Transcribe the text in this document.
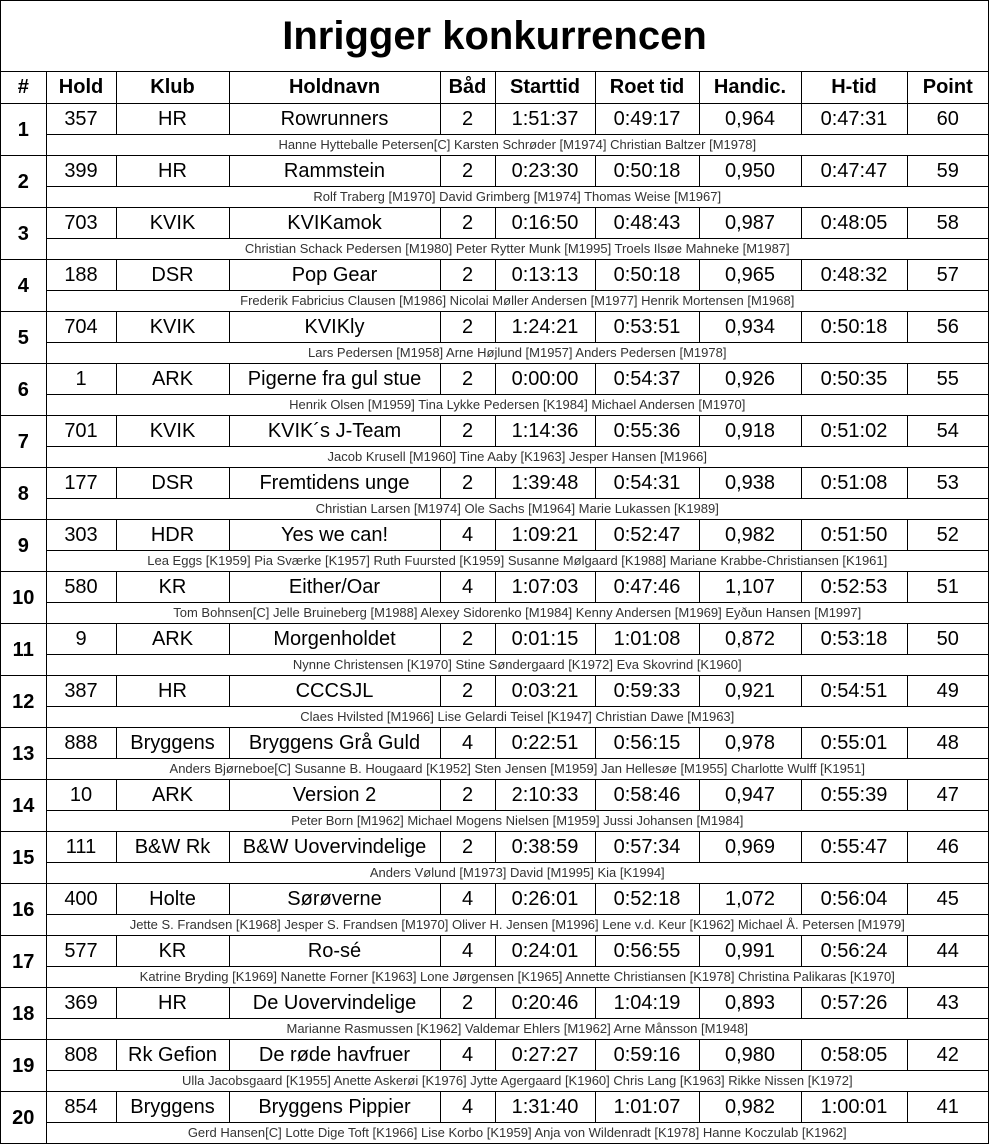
Inrigger konkurrencen
#	Hold	Klub	Holdnavn	Båd	Starttid	Roet tid	Handic.	H-tid	Point
1	357	HR	Rowrunners	2	1:51:37	0:49:17	0,964	0:47:31	60
	Hanne Hytteballe Petersen[C] Karsten Schrøder [M1974] Christian Baltzer [M1978]								
2	399	HR	Rammstein	2	0:23:30	0:50:18	0,950	0:47:47	59
	Rolf Traberg [M1970] David Grimberg [M1974] Thomas Weise [M1967]								
3	703	KVIK	KVIKamok	2	0:16:50	0:48:43	0,987	0:48:05	58
	Christian Schack Pedersen [M1980] Peter Rytter Munk [M1995] Troels Ilsøe Mahneke [M1987]								
4	188	DSR	Pop Gear	2	0:13:13	0:50:18	0,965	0:48:32	57
	Frederik Fabricius Clausen [M1986] Nicolai Møller Andersen [M1977] Henrik Mortensen [M1968]								
5	704	KVIK	KVIKly	2	1:24:21	0:53:51	0,934	0:50:18	56
	Lars Pedersen [M1958] Arne Højlund [M1957] Anders Pedersen [M1978]								
6	1	ARK	Pigerne fra gul stue	2	0:00:00	0:54:37	0,926	0:50:35	55
	Henrik Olsen [M1959] Tina Lykke Pedersen [K1984] Michael Andersen [M1970]								
7	701	KVIK	KVIK´s J-Team	2	1:14:36	0:55:36	0,918	0:51:02	54
	Jacob Krusell [M1960] Tine Aaby [K1963] Jesper Hansen [M1966]								
8	177	DSR	Fremtidens unge	2	1:39:48	0:54:31	0,938	0:51:08	53
	Christian Larsen [M1974] Ole Sachs [M1964] Marie Lukassen [K1989]								
9	303	HDR	Yes we can!	4	1:09:21	0:52:47	0,982	0:51:50	52
	Lea Eggs [K1959] Pia Sværke [K1957] Ruth Fuursted [K1959] Susanne Mølgaard [K1988] Mariane Krabbe-Christiansen [K1961]								
10	580	KR	Either/Oar	4	1:07:03	0:47:46	1,107	0:52:53	51
	Tom Bohnsen[C] Jelle Bruineberg [M1988] Alexey Sidorenko [M1984] Kenny Andersen [M1969] Eyðun Hansen [M1997]								
11	9	ARK	Morgenholdet	2	0:01:15	1:01:08	0,872	0:53:18	50
	Nynne Christensen [K1970] Stine Søndergaard [K1972] Eva Skovrind [K1960]								
12	387	HR	CCCSJL	2	0:03:21	0:59:33	0,921	0:54:51	49
	Claes Hvilsted [M1966] Lise Gelardi Teisel [K1947] Christian Dawe [M1963]								
13	888	Bryggens	Bryggens Grå Guld	4	0:22:51	0:56:15	0,978	0:55:01	48
	Anders Bjørneboe[C] Susanne B. Hougaard [K1952] Sten Jensen [M1959] Jan Hellesøe [M1955] Charlotte Wulff [K1951]								
14	10	ARK	Version 2	2	2:10:33	0:58:46	0,947	0:55:39	47
	Peter Born [M1962] Michael Mogens Nielsen [M1959] Jussi Johansen [M1984]								
15	111	B&W Rk	B&W Uovervindelige	2	0:38:59	0:57:34	0,969	0:55:47	46
	Anders Vølund [M1973] David [M1995] Kia [K1994]								
16	400	Holte	Sørøverne	4	0:26:01	0:52:18	1,072	0:56:04	45
	Jette S. Frandsen [K1968] Jesper S. Frandsen [M1970] Oliver H. Jensen [M1996] Lene v.d. Keur [K1962] Michael Å. Petersen [M1979]								
17	577	KR	Ro-sé	4	0:24:01	0:56:55	0,991	0:56:24	44
	Katrine Bryding [K1969] Nanette Forner [K1963] Lone Jørgensen [K1965] Annette Christiansen [K1978] Christina Palikaras [K1970]								
18	369	HR	De Uovervindelige	2	0:20:46	1:04:19	0,893	0:57:26	43
	Marianne Rasmussen [K1962] Valdemar Ehlers [M1962] Arne Månsson [M1948]								
19	808	Rk Gefion	De røde havfruer	4	0:27:27	0:59:16	0,980	0:58:05	42
	Ulla Jacobsgaard [K1955] Anette Askerøi [K1976] Jytte Agergaard [K1960] Chris Lang [K1963] Rikke Nissen [K1972]								
20	854	Bryggens	Bryggens Pippier	4	1:31:40	1:01:07	0,982	1:00:01	41
	Gerd Hansen[C] Lotte Dige Toft [K1966] Lise Korbo [K1959] Anja von Wildenradt [K1978] Hanne Koczulab [K1962]								
